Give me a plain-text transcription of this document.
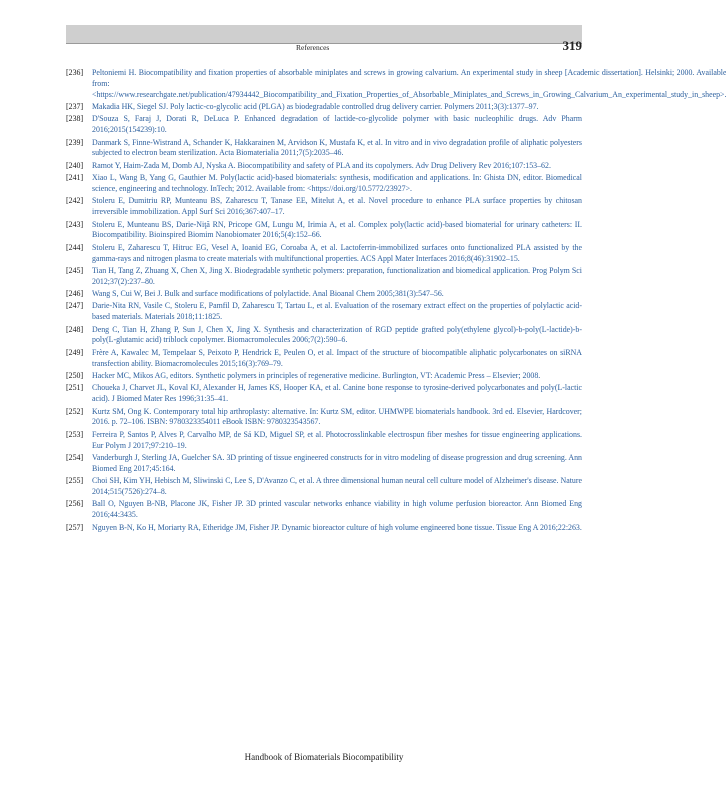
References	319
[236]	Peltoniemi H. Biocompatibility and fixation properties of absorbable miniplates and screws in growing calvarium. An experimental study in sheep [Academic dissertation]. Helsinki; 2000. Available from: <https://www.researchgate.net/publication/47934442_Biocompatibility_and_Fixation_Properties_of_Absorbable_Miniplates_and_Screws_in_Growing_Calvarium_An_experimental_study_in_sheep>.
[237]	Makadia HK, Siegel SJ. Poly lactic-co-glycolic acid (PLGA) as biodegradable controlled drug delivery carrier. Polymers 2011;3(3):1377–97.
[238]	D'Souza S, Faraj J, Dorati R, DeLuca P. Enhanced degradation of lactide-co-glycolide polymer with basic nucleophilic drugs. Adv Pharm 2016;2015(154239):10.
[239]	Danmark S, Finne-Wistrand A, Schander K, Hakkarainen M, Arvidson K, Mustafa K, et al. In vitro and in vivo degradation profile of aliphatic polyesters subjected to electron beam sterilization. Acta Biomaterialia 2011;7(5):2035–46.
[240]	Ramot Y, Haim-Zada M, Domb AJ, Nyska A. Biocompatibility and safety of PLA and its copolymers. Adv Drug Delivery Rev 2016;107:153–62.
[241]	Xiao L, Wang B, Yang G, Gauthier M. Poly(lactic acid)-based biomaterials: synthesis, modification and applications. In: Ghista DN, editor. Biomedical science, engineering and technology. InTech; 2012. Available from: <https://doi.org/10.5772/23927>.
[242]	Stoleru E, Dumitriu RP, Munteanu BS, Zaharescu T, Tanase EE, Mitelut A, et al. Novel procedure to enhance PLA surface properties by chitosan irreversible immobilization. Appl Surf Sci 2016;367:407–17.
[243]	Stoleru E, Munteanu BS, Darie-Niţă RN, Pricope GM, Lungu M, Irimia A, et al. Complex poly(lactic acid)-based biomaterial for urinary catheters: II. Biocompatibility. Bioinspired Biomim Nanobiomater 2016;5(4):152–66.
[244]	Stoleru E, Zaharescu T, Hitruc EG, Vesel A, Ioanid EG, Coroaba A, et al. Lactoferrin-immobilized surfaces onto functionalized PLA assisted by the gamma-rays and nitrogen plasma to create materials with multifunctional properties. ACS Appl Mater Interfaces 2016;8(46):31902–15.
[245]	Tian H, Tang Z, Zhuang X, Chen X, Jing X. Biodegradable synthetic polymers: preparation, functionalization and biomedical application. Prog Polym Sci 2012;37(2):237–80.
[246]	Wang S, Cui W, Bei J. Bulk and surface modifications of polylactide. Anal Bioanal Chem 2005;381(3):547–56.
[247]	Darie-Nita RN, Vasile C, Stoleru E, Pamfil D, Zaharescu T, Tartau L, et al. Evaluation of the rosemary extract effect on the properties of polylactic acid-based materials. Materials 2018;11:1825.
[248]	Deng C, Tian H, Zhang P, Sun J, Chen X, Jing X. Synthesis and characterization of RGD peptide grafted poly(ethylene glycol)-b-poly(L-lactide)-b-poly(L-glutamic acid) triblock copolymer. Biomacromolecules 2006;7(2):590–6.
[249]	Frère A, Kawalec M, Tempelaar S, Peixoto P, Hendrick E, Peulen O, et al. Impact of the structure of biocompatible aliphatic polycarbonates on siRNA transfection ability. Biomacromolecules 2015;16(3):769–79.
[250]	Hacker MC, Mikos AG, editors. Synthetic polymers in principles of regenerative medicine. Burlington, VT: Academic Press – Elsevier; 2008.
[251]	Choueka J, Charvet JL, Koval KJ, Alexander H, James KS, Hooper KA, et al. Canine bone response to tyrosine-derived polycarbonates and poly(L-lactic acid). J Biomed Mater Res 1996;31:35–41.
[252]	Kurtz SM, Ong K. Contemporary total hip arthroplasty: alternative. In: Kurtz SM, editor. UHMWPE biomaterials handbook. 3rd ed. Elsevier, Hardcover; 2016. p. 72–106. ISBN: 9780323354011 eBook ISBN: 9780323543567.
[253]	Ferreira P, Santos P, Alves P, Carvalho MP, de Sá KD, Miguel SP, et al. Photocrosslinkable electrospun fiber meshes for tissue engineering applications. Eur Polym J 2017;97:210–19.
[254]	Vanderburgh J, Sterling JA, Guelcher SA. 3D printing of tissue engineered constructs for in vitro modeling of disease progression and drug screening. Ann Biomed Eng 2017;45:164.
[255]	Choi SH, Kim YH, Hebisch M, Sliwinski C, Lee S, D'Avanzo C, et al. A three dimensional human neural cell culture model of Alzheimer's disease. Nature 2014;515(7526):274–8.
[256]	Ball O, Nguyen B-NB, Placone JK, Fisher JP. 3D printed vascular networks enhance viability in high volume perfusion bioreactor. Ann Biomed Eng 2016;44:3435.
[257]	Nguyen B-N, Ko H, Moriarty RA, Etheridge JM, Fisher JP. Dynamic bioreactor culture of high volume engineered bone tissue. Tissue Eng A 2016;22:263.
Handbook of Biomaterials Biocompatibility
